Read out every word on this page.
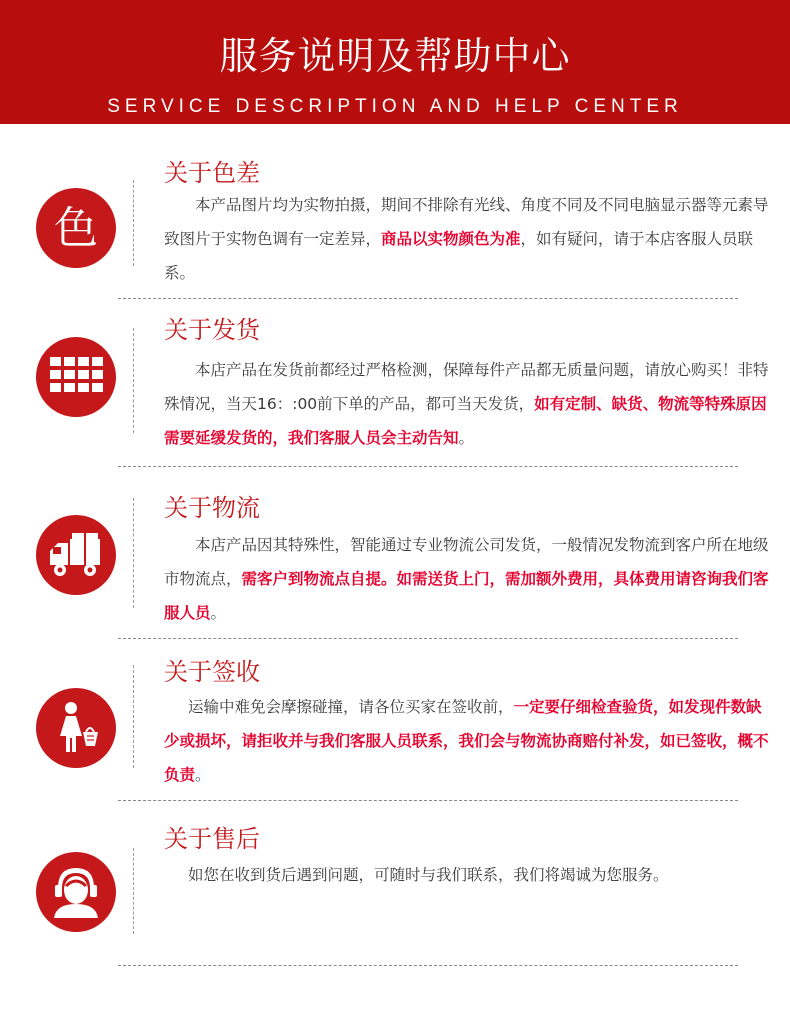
服务说明及帮助中心
SERVICE DESCRIPTION AND HELP CENTER
色
关于色差
本产品图片均为实物拍摄，期间不排除有光线、角度不同及不同电脑显示器等元素导致图片于实物色调有一定差异，商品以实物颜色为准，如有疑问，请于本店客服人员联系。
关于发货
本店产品在发货前都经过严格检测，保障每件产品都无质量问题，请放心购买！非特殊情况，当天16：:00前下单的产品，都可当天发货，如有定制、缺货、物流等特殊原因需要延缓发货的，我们客服人员会主动告知。
关于物流
本店产品因其特殊性，智能通过专业物流公司发货，一般情况发物流到客户所在地级市物流点，需客户到物流点自提。如需送货上门，需加额外费用，具体费用请咨询我们客服人员。
关于签收
运输中难免会摩擦碰撞，请各位买家在签收前，一定要仔细检查验货，如发现件数缺少或损坏，请拒收并与我们客服人员联系，我们会与物流协商赔付补发，如已签收，概不负责。
关于售后
如您在收到货后遇到问题，可随时与我们联系，我们将竭诚为您服务。
